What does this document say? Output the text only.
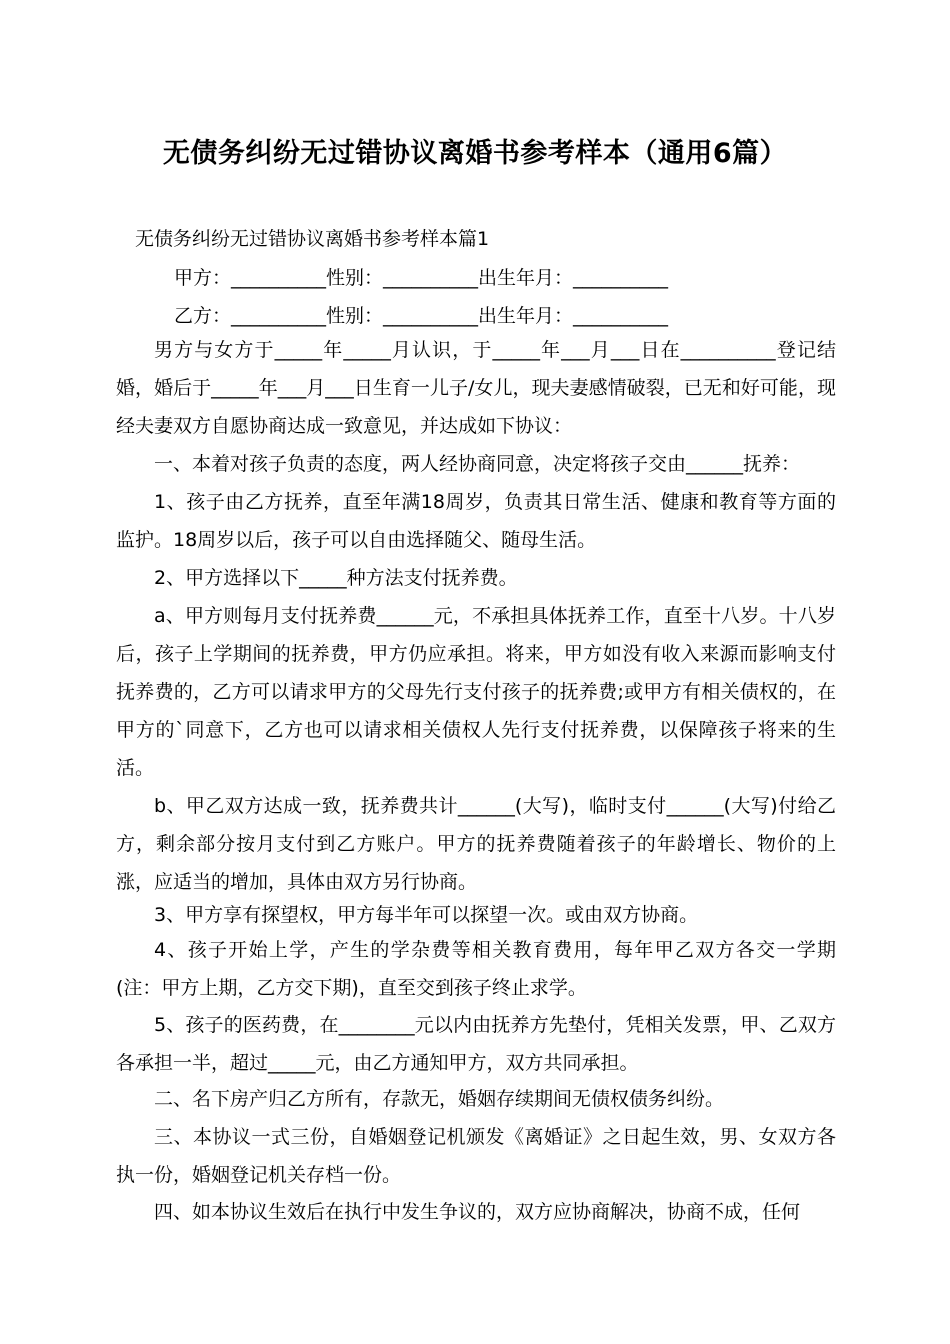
无债务纠纷无过错协议离婚书参考样本（通用6篇）
无债务纠纷无过错协议离婚书参考样本篇1
甲方：__________性别：__________出生年月：__________
乙方：__________性别：__________出生年月：__________
男方与女方于_____年_____月认识，于_____年___月___日在__________登记结婚，婚后于_____年___月___日生育一儿子/女儿，现夫妻感情破裂，已无和好可能，现经夫妻双方自愿协商达成一致意见，并达成如下协议：
一、本着对孩子负责的态度，两人经协商同意，决定将孩子交由______抚养：
1、孩子由乙方抚养，直至年满18周岁，负责其日常生活、健康和教育等方面的监护。18周岁以后，孩子可以自由选择随父、随母生活。
2、甲方选择以下_____种方法支付抚养费。
a、甲方则每月支付抚养费______元，不承担具体抚养工作，直至十八岁。十八岁后，孩子上学期间的抚养费，甲方仍应承担。将来，甲方如没有收入来源而影响支付抚养费的，乙方可以请求甲方的父母先行支付孩子的抚养费;或甲方有相关债权的，在甲方的`同意下，乙方也可以请求相关债权人先行支付抚养费，以保障孩子将来的生活。
b、甲乙双方达成一致，抚养费共计______(大写)，临时支付______(大写)付给乙方，剩余部分按月支付到乙方账户。甲方的抚养费随着孩子的年龄增长、物价的上涨，应适当的增加，具体由双方另行协商。
3、甲方享有探望权，甲方每半年可以探望一次。或由双方协商。
4、孩子开始上学，产生的学杂费等相关教育费用，每年甲乙双方各交一学期(注：甲方上期，乙方交下期)，直至交到孩子终止求学。
5、孩子的医药费，在________元以内由抚养方先垫付，凭相关发票，甲、乙双方各承担一半，超过_____元，由乙方通知甲方，双方共同承担。
二、名下房产归乙方所有，存款无，婚姻存续期间无债权债务纠纷。
三、本协议一式三份，自婚姻登记机颁发《离婚证》之日起生效，男、女双方各执一份，婚姻登记机关存档一份。
四、如本协议生效后在执行中发生争议的，双方应协商解决，协商不成，任何
